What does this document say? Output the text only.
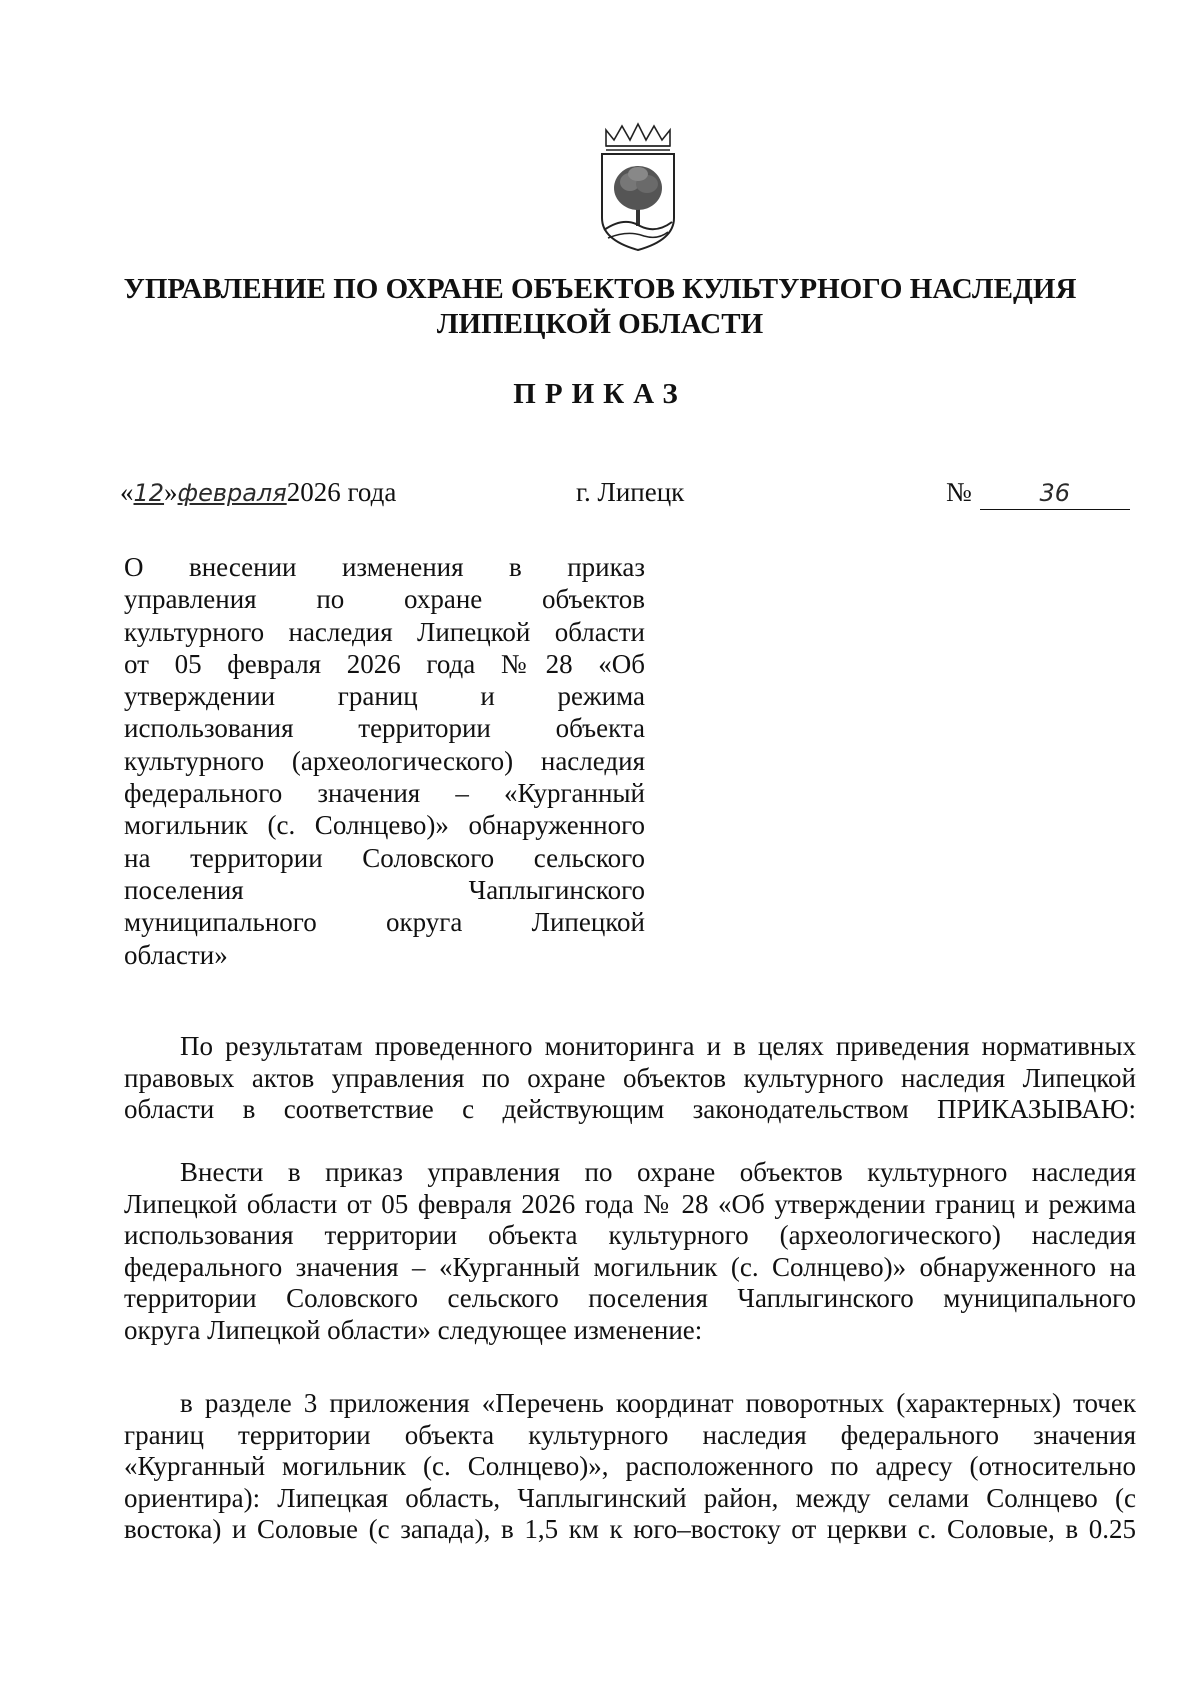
УПРАВЛЕНИЕ ПО ОХРАНЕ ОБЪЕКТОВ КУЛЬТУРНОГО НАСЛЕДИЯ
ЛИПЕЦКОЙ ОБЛАСТИ
ПРИКАЗ
«12»февраля2026 года	г. Липецк	№	36
О внесении изменения в приказ
управления по охране объектов
культурного наследия Липецкой области
от 05 февраля 2026 года №28 «Об
утверждении границ и режима
использования территории объекта
культурного (археологического) наследия
федерального значения – «Курганный
могильник (с. Солнцево)» обнаруженного
на территории Соловского сельского
поселения Чаплыгинского
муниципального округа Липецкой
области»
По результатам проведенного мониторинга и в целях приведения нормативных
правовых актов управления по охране объектов культурного наследия Липецкой
области в соответствие с действующим законодательством ПРИКАЗЫВАЮ:
Внести в приказ управления по охране объектов культурного наследия
Липецкой области от 05 февраля 2026 года № 28 «Об утверждении границ и режима
использования территории объекта культурного (археологического) наследия
федерального значения – «Курганный могильник (с. Солнцево)» обнаруженного на
территории Соловского сельского поселения Чаплыгинского муниципального
округа Липецкой области» следующее изменение:
в разделе 3 приложения «Перечень координат поворотных (характерных) точек
границ территории объекта культурного наследия федерального значения
«Курганный могильник (с. Солнцево)», расположенного по адресу (относительно
ориентира): Липецкая область, Чаплыгинский район, между селами Солнцево (с
востока) и Соловые (с запада), в 1,5 км к юго–востоку от церкви с. Соловые, в 0.25
